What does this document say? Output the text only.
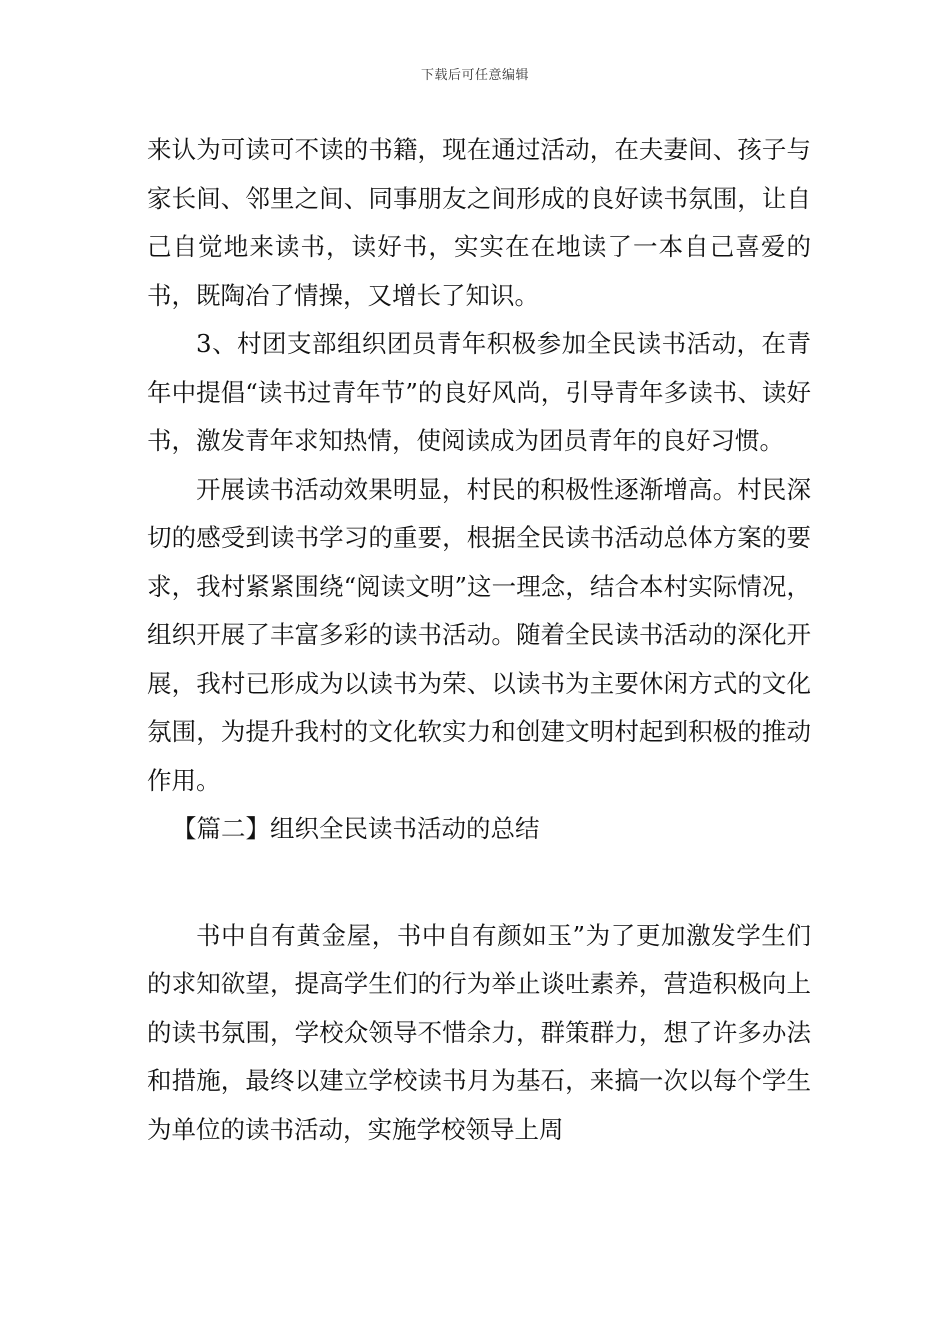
下载后可任意编辑

来认为可读可不读的书籍，现在通过活动，在夫妻间、孩子与家长间、邻里之间、同事朋友之间形成的良好读书氛围，让自己自觉地来读书，读好书，实实在在地读了一本自己喜爱的书，既陶冶了情操，又增长了知识。

3、村团支部组织团员青年积极参加全民读书活动，在青年中提倡“读书过青年节”的良好风尚，引导青年多读书、读好书，激发青年求知热情，使阅读成为团员青年的良好习惯。

开展读书活动效果明显，村民的积极性逐渐增高。村民深切的感受到读书学习的重要，根据全民读书活动总体方案的要求，我村紧紧围绕“阅读文明”这一理念，结合本村实际情况，组织开展了丰富多彩的读书活动。随着全民读书活动的深化开展，我村已形成为以读书为荣、以读书为主要休闲方式的文化氛围，为提升我村的文化软实力和创建文明村起到积极的推动作用。

【篇二】组织全民读书活动的总结

书中自有黄金屋，书中自有颜如玉”为了更加激发学生们的求知欲望，提高学生们的行为举止谈吐素养，营造积极向上的读书氛围，学校众领导不惜余力，群策群力，想了许多办法和措施，最终以建立学校读书月为基石，来搞一次以每个学生为单位的读书活动，实施学校领导上周
